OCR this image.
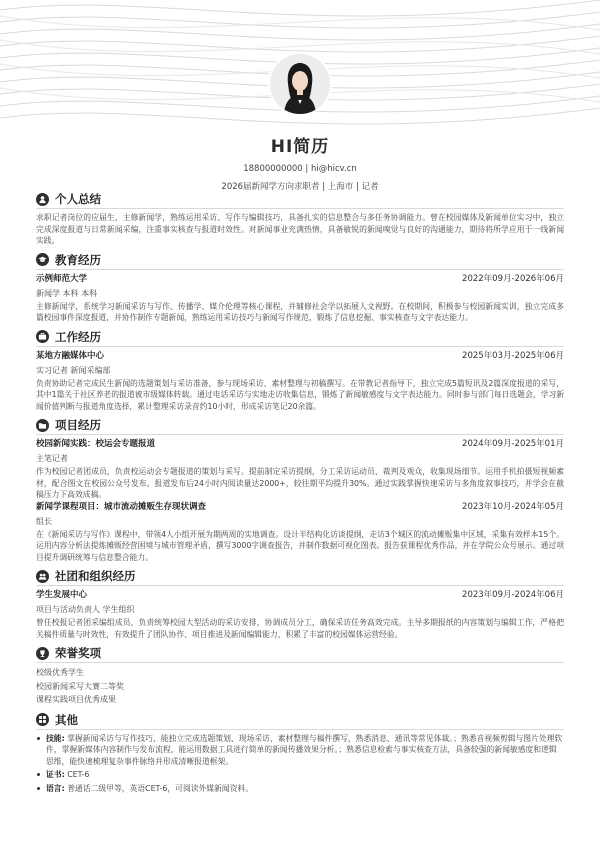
HI简历
18800000000 | hi@hicv.cn
2026届新闻学方向求职者 | 上海市 | 记者
个人总结
求职记者岗位的应届生，主修新闻学，熟练运用采访、写作与编辑技巧，具备扎实的信息整合与多任务协调能力。曾在校园媒体及新闻单位实习中，独立完成深度报道与日常新闻采编，注重事实核查与报道时效性。对新闻事业充满热情，具备敏锐的新闻嗅觉与良好的沟通能力，期待将所学应用于一线新闻实践。
教育经历
示例师范大学	2022年09月-2026年06月
新闻学 本科 本科
主修新闻学，系统学习新闻采访与写作、传播学、媒介伦理等核心课程，并辅修社会学以拓展人文视野。在校期间，积极参与校园新闻实训，独立完成多篇校园事件深度报道，并协作制作专题新闻，熟练运用采访技巧与新闻写作规范，锻炼了信息挖掘、事实核查与文字表达能力。
工作经历
某地方融媒体中心	2025年03月-2025年06月
实习记者 新闻采编部
负责协助记者完成民生新闻的选题策划与采访准备，参与现场采访、素材整理与初稿撰写。在带教记者指导下，独立完成5篇短讯及2篇深度报道的采写，其中1篇关于社区养老的报道被市级媒体转载。通过电话采访与实地走访收集信息，锻炼了新闻敏感度与文字表达能力。同时参与部门每日选题会，学习新闻价值判断与报道角度选择，累计整理采访录音约10小时，形成采访笔记20余篇。
项目经历
校园新闻实践：校运会专题报道	2024年09月-2025年01月
主笔记者
作为校园记者团成员，负责校运动会专题报道的策划与采写。提前制定采访提纲，分工采访运动员、裁判及观众，收集现场细节。运用手机拍摄短视频素材，配合图文在校园公众号发布。报道发布后24小时内阅读量达2000+，较往期平均提升30%。通过实践掌握快速采访与多角度叙事技巧，并学会在截稿压力下高效成稿。
新闻学课程项目：城市流动摊贩生存现状调查	2023年10月-2024年05月
组长
在《新闻采访与写作》课程中，带领4人小组开展为期两周的实地调查。设计半结构化访谈提纲，走访3个城区的流动摊贩集中区域，采集有效样本15个。运用内容分析法提炼摊贩经营困境与城市管理矛盾，撰写3000字调查报告，并制作数据可视化图表。报告获课程优秀作品，并在学院公众号展示。通过项目提升调研统筹与信息整合能力。
社团和组织经历
学生发展中心	2023年09月-2024年06月
项目与活动负责人 学生组织
曾任校报记者团采编组成员，负责统筹校园大型活动的采访安排，协调成员分工，确保采访任务高效完成。主导多期报纸的内容策划与编辑工作，严格把关稿件质量与时效性，有效提升了团队协作、项目推进及新闻编辑能力，积累了丰富的校园媒体运营经验。
荣誉奖项
校级优秀学生
校园新闻采写大赛二等奖
课程实践项目优秀成果
其他
技能: 掌握新闻采访与写作技巧，能独立完成选题策划、现场采访、素材整理与稿件撰写，熟悉消息、通讯等常见体裁。；熟悉音视频剪辑与图片处理软件，掌握新媒体内容制作与发布流程，能运用数据工具进行简单的新闻传播效果分析。；熟悉信息检索与事实核查方法，具备较强的新闻敏感度和逻辑思维，能快速梳理复杂事件脉络并形成清晰报道框架。
证书: CET-6
语言: 普通话二级甲等，英语CET-6，可阅读外媒新闻资料。
